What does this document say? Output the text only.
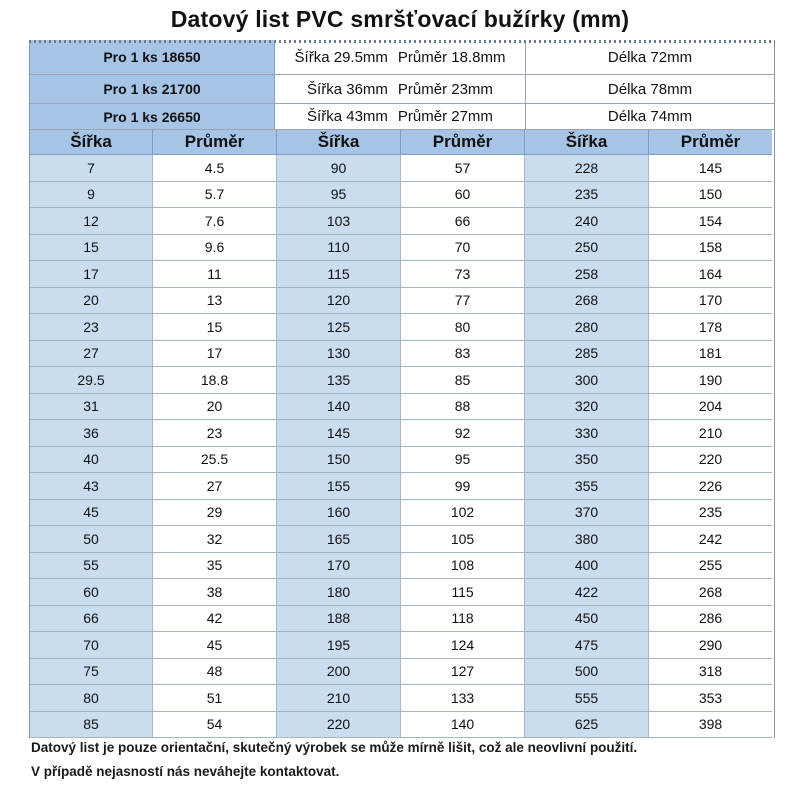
Datový list PVC smršťovací bužírky (mm)
Pro 1 ks 18650	Šířka 29.5mm Průměr 18.8mm	Délka 72mm
Pro 1 ks 21700	Šířka 36mm Průměr 23mm	Délka 78mm
Pro 1 ks 26650	Šířka 43mm Průměr 27mm	Délka 74mm
Šířka	Průměr	Šířka	Průměr	Šířka	Průměr
7	4.5	90	57	228	145
9	5.7	95	60	235	150
12	7.6	103	66	240	154
15	9.6	110	70	250	158
17	11	115	73	258	164
20	13	120	77	268	170
23	15	125	80	280	178
27	17	130	83	285	181
29.5	18.8	135	85	300	190
31	20	140	88	320	204
36	23	145	92	330	210
40	25.5	150	95	350	220
43	27	155	99	355	226
45	29	160	102	370	235
50	32	165	105	380	242
55	35	170	108	400	255
60	38	180	115	422	268
66	42	188	118	450	286
70	45	195	124	475	290
75	48	200	127	500	318
80	51	210	133	555	353
85	54	220	140	625	398
Datový list je pouze orientační, skutečný výrobek se může mírně lišit, což ale neovlivní použití.
V případě nejasností nás neváhejte kontaktovat.
